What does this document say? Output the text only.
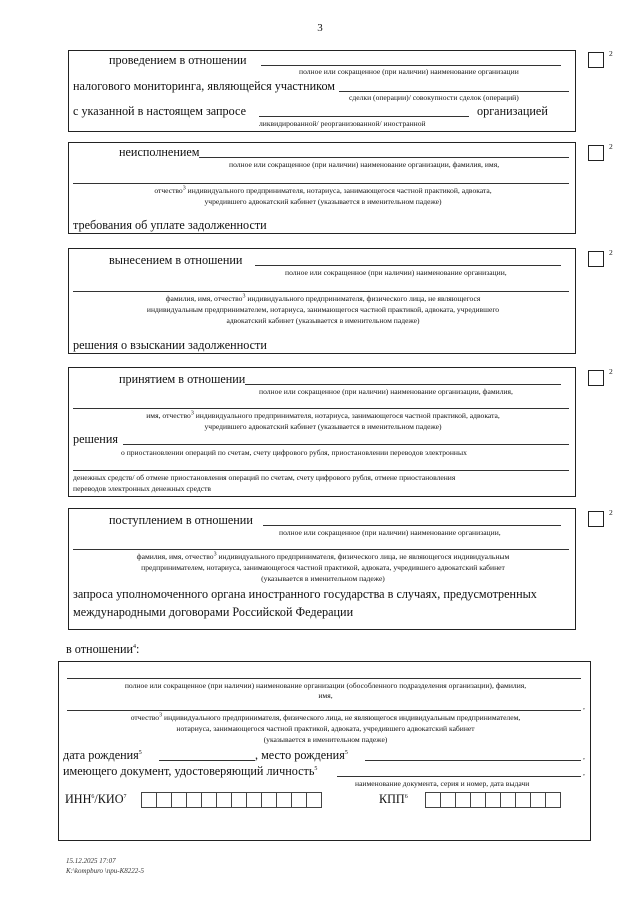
3
проведением в отношении
полное или сокращенное (при наличии) наименование организации
налогового мониторинга, являющейся участником
сделки (операции)/ совокупности сделок (операций)
с указанной в настоящем запросе	организацией
ликвидированной/ реорганизованной/ иностранной
2
неисполнением
полное или сокращенное (при наличии) наименование организации, фамилия, имя,
отчество$^3$ индивидуального предпринимателя, нотариуса, занимающегося частной практикой, адвоката,
учредившего адвокатский кабинет (указывается в именительном падеже)
требования об уплате задолженности
2
вынесением в отношении
полное или сокращенное (при наличии) наименование организации,
фамилия, имя, отчество$^3$ индивидуального предпринимателя, физического лица, не являющегося
индивидуальным предпринимателем, нотариуса, занимающегося частной практикой, адвоката, учредившего
адвокатский кабинет (указывается в именительном падеже)
решения о взыскании задолженности
2
принятием в отношении
полное или сокращенное (при наличии) наименование организации, фамилия,
имя, отчество$^3$ индивидуального предпринимателя, нотариуса, занимающегося частной практикой, адвоката,
учредившего адвокатский кабинет (указывается в именительном падеже)
решения
о приостановлении операций по счетам, счету цифрового рубля, приостановлении переводов электронных
денежных средств/ об отмене приостановления операций по счетам, счету цифрового рубля, отмене приостановления
переводов электронных денежных средств
2
поступлением в отношении
полное или сокращенное (при наличии) наименование организации,
фамилия, имя, отчество$^3$ индивидуального предпринимателя, физического лица, не являющегося индивидуальным
предпринимателем, нотариуса, занимающегося частной практикой, адвоката, учредившего адвокатский кабинет
(указывается в именительном падеже)
запроса уполномоченного органа иностранного государства в случаях, предусмотренных
международными договорами Российской Федерации
2
в отношении$^4$:
полное или сокращенное (при наличии) наименование организации (обособленного подразделения организации), фамилия,
имя,
,
отчество$^3$ индивидуального предпринимателя, физического лица, не являющегося индивидуальным предпринимателем,
нотариуса, занимающегося частной практикой, адвоката, учредившего адвокатский кабинет
(указывается в именительном падеже)
дата рождения$^5$	, место рождения$^5$	,
имеющего документ, удостоверяющий личность$^5$	,
наименование документа, серия и номер, дата выдачи
ИНН$^6$/КИО$^7$	КПП$^6$
15.12.2025 17:07
К:\kompburo \при-К8222-5
